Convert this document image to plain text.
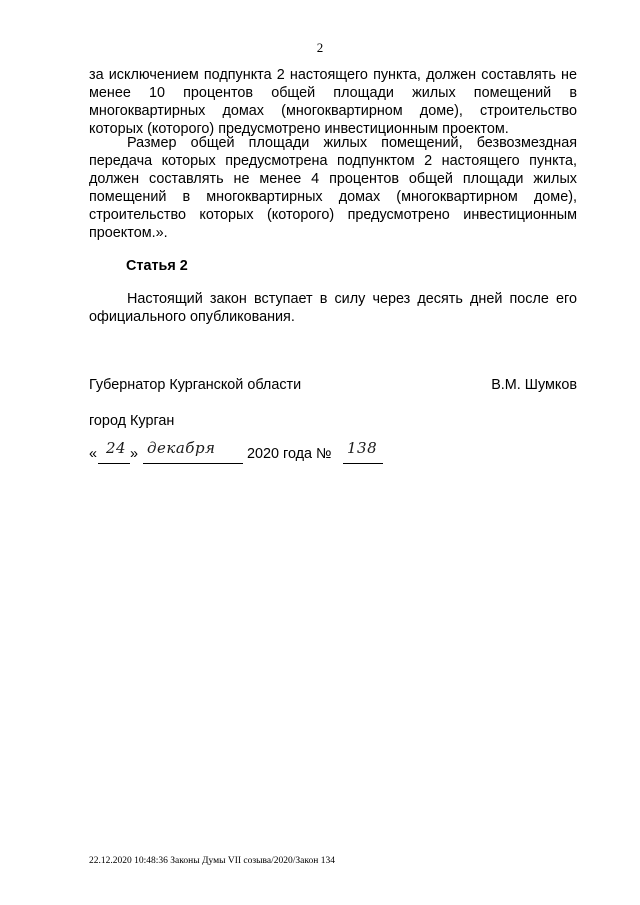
2

за исключением подпункта 2 настоящего пункта, должен составлять не менее 10 процентов общей площади жилых помещений в многоквартирных домах (многоквартирном доме), строительство которых (которого) предусмотрено инвестиционным проектом.

Размер общей площади жилых помещений, безвозмездная передача которых предусмотрена подпунктом 2 настоящего пункта, должен составлять не менее 4 процентов общей площади жилых помещений в многоквартирных домах (многоквартирном доме), строительство которых (которого) предусмотрено инвестиционным проектом.».

Статья 2

Настоящий закон вступает в силу через десять дней после его официального опубликования.

Губернатор Курганской области	В.М. Шумков
город Курган
« 24 » декабря 2020 года № 138
22.12.2020 10:48:36 Законы Думы VII созыва/2020/Закон 134
